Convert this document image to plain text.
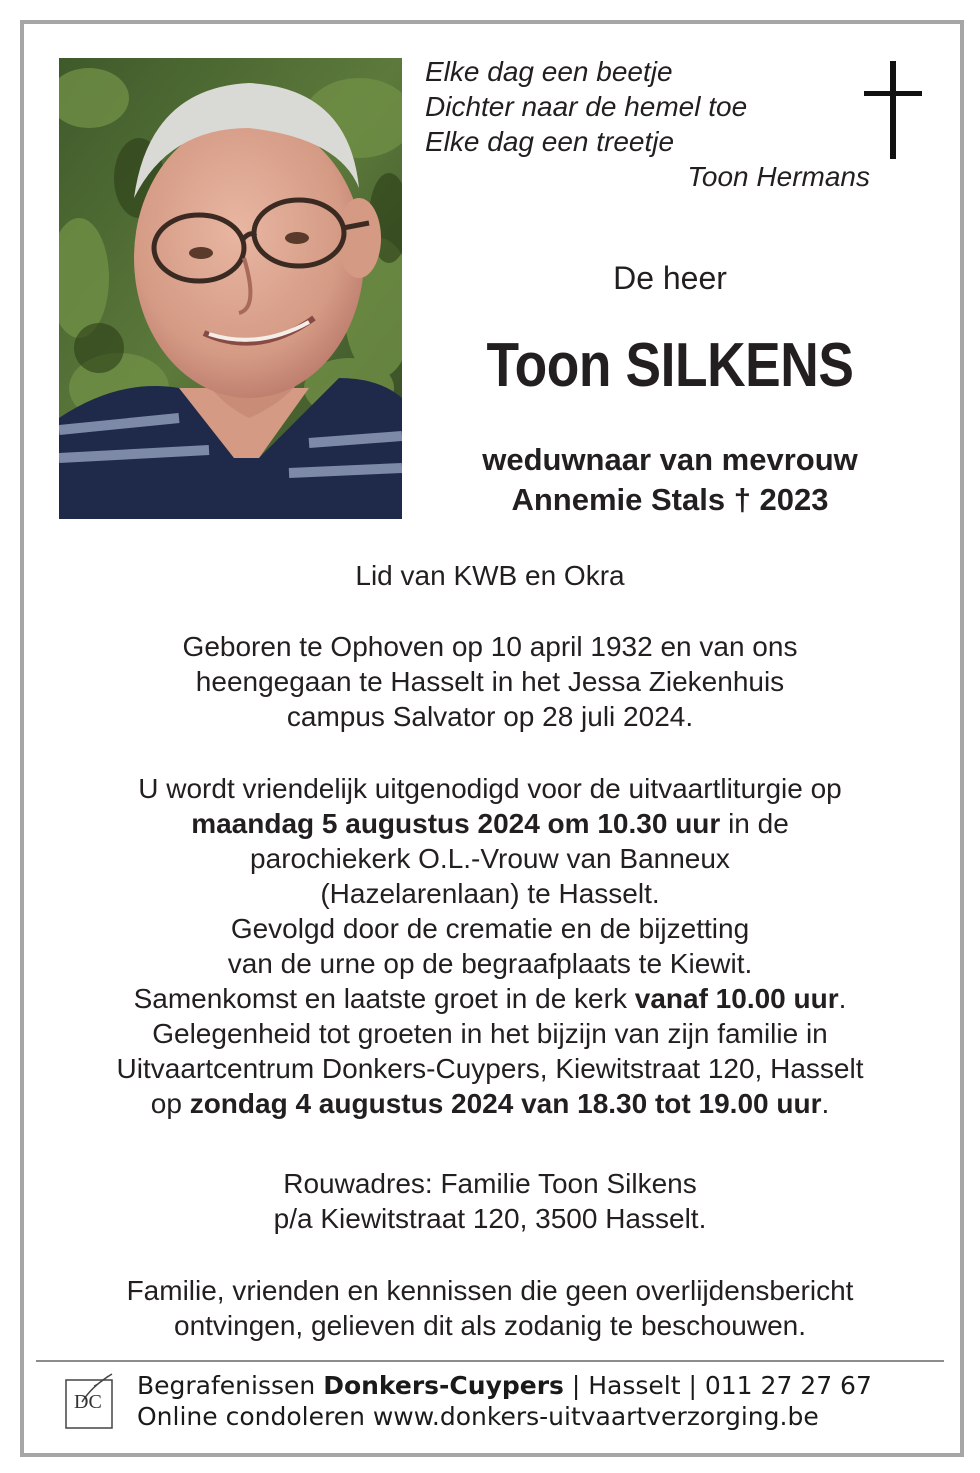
Elke dag een beetje
Dichter naar de hemel toe
Elke dag een treetje
Toon Hermans
De heer
Toon SILKENS
weduwnaar van mevrouw
Annemie Stals † 2023
Lid van KWB en Okra
Geboren te Ophoven op 10 april 1932 en van ons
heengegaan te Hasselt in het Jessa Ziekenhuis
campus Salvator op 28 juli 2024.
U wordt vriendelijk uitgenodigd voor de uitvaartliturgie op
maandag 5 augustus 2024 om 10.30 uur in de
parochiekerk O.L.-Vrouw van Banneux
(Hazelarenlaan) te Hasselt.
Gevolgd door de crematie en de bijzetting
van de urne op de begraafplaats te Kiewit.
Samenkomst en laatste groet in de kerk vanaf 10.00 uur.
Gelegenheid tot groeten in het bijzijn van zijn familie in
Uitvaartcentrum Donkers-Cuypers, Kiewitstraat 120, Hasselt
op zondag 4 augustus 2024 van 18.30 tot 19.00 uur.
Rouwadres: Familie Toon Silkens
p/a Kiewitstraat 120, 3500 Hasselt.
Familie, vrienden en kennissen die geen overlijdensbericht
ontvingen, gelieven dit als zodanig te beschouwen.
DC
Begrafenissen Donkers-Cuypers | Hasselt | 011 27 27 67
Online condoleren www.donkers-uitvaartverzorging.be
